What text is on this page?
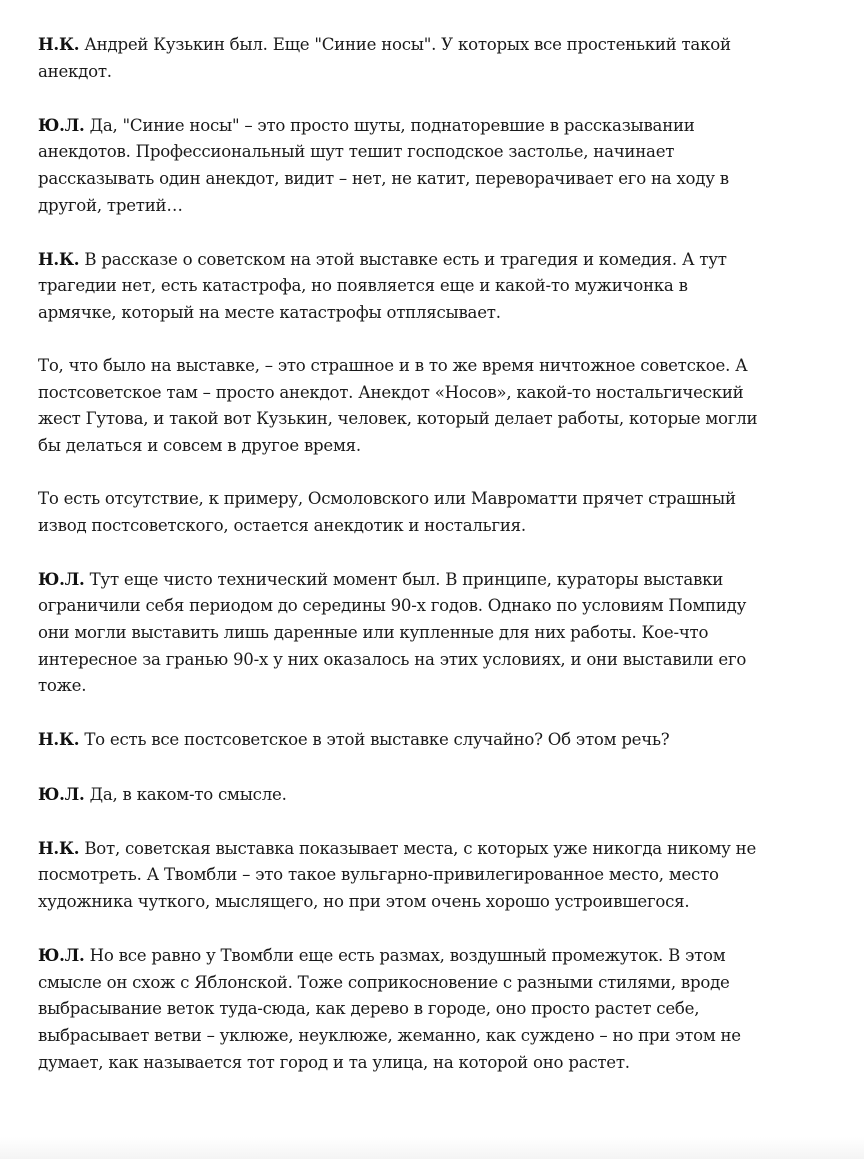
Н.К. Андрей Кузькин был. Еще "Синие носы". У которых все простенький такой анекдот.

Ю.Л. Да, "Синие носы" – это просто шуты, поднаторевшие в рассказывании анекдотов. Профессиональный шут тешит господское застолье, начинает рассказывать один анекдот, видит – нет, не катит, переворачивает его на ходу в другой, третий…

Н.К. В рассказе о советском на этой выставке есть и трагедия и комедия. А тут трагедии нет, есть катастрофа, но появляется еще и какой-то мужичонка в армячке, который на месте катастрофы отплясывает.

То, что было на выставке, – это страшное и в то же время ничтожное советское. А постсоветское там – просто анекдот. Анекдот «Носов», какой-то ностальгический жест Гутова, и такой вот Кузькин, человек, который делает работы, которые могли бы делаться и совсем в другое время.

То есть отсутствие, к примеру, Осмоловского или Мавроматти прячет страшный извод постсоветского, остается анекдотик и ностальгия.

Ю.Л. Тут еще чисто технический момент был. В принципе, кураторы выставки ограничили себя периодом до середины 90-х годов. Однако по условиям Помпиду они могли выставить лишь даренные или купленные для них работы. Кое-что интересное за гранью 90-х у них оказалось на этих условиях, и они выставили его тоже.

Н.К. То есть все постсоветское в этой выставке случайно? Об этом речь?

Ю.Л. Да, в каком-то смысле.

Н.К. Вот, советская выставка показывает места, с которых уже никогда никому не посмотреть. А Твомбли – это такое вульгарно-привилегированное место, место художника чуткого, мыслящего, но при этом очень хорошо устроившегося.

Ю.Л. Но все равно у Твомбли еще есть размах, воздушный промежуток. В этом смысле он схож с Яблонской. Тоже соприкосновение с разными стилями, вроде выбрасывание веток туда-сюда, как дерево в городе, оно просто растет себе, выбрасывает ветви – уклюже, неуклюже, жеманно, как суждено – но при этом не думает, как называется тот город и та улица, на которой оно растет.
